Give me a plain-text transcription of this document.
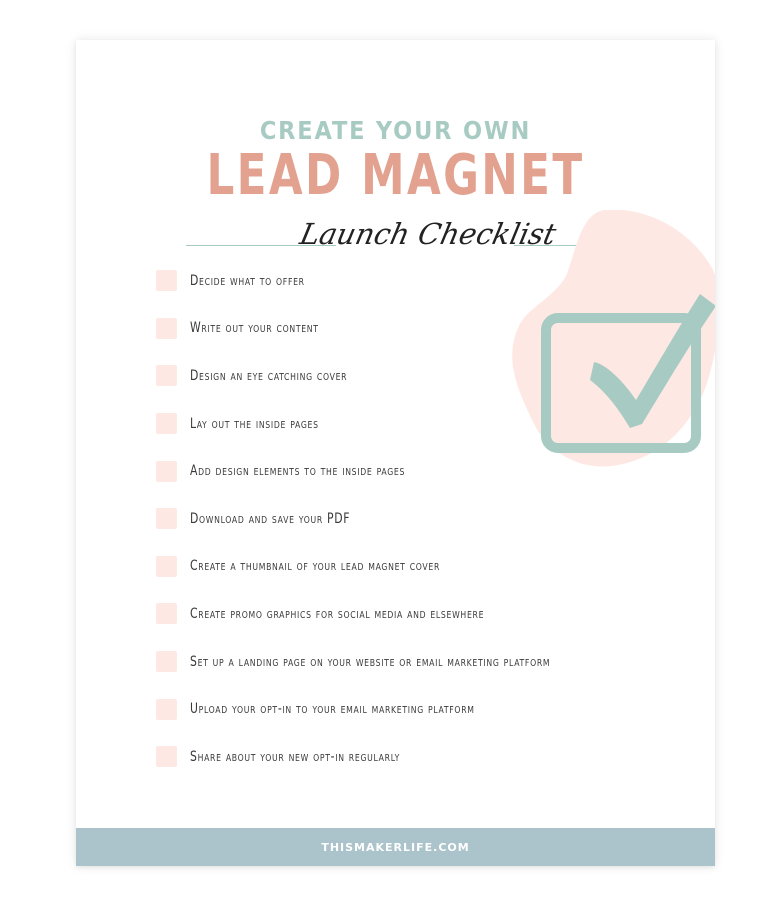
CREATE YOUR OWN
LEAD MAGNET
Launch Checklist
Decide what to offer
Write out your content
Design an eye catching cover
Lay out the inside pages
Add design elements to the inside pages
Download and save your PDF
Create a thumbnail of your lead magnet cover
Create promo graphics for social media and elsewhere
Set up a landing page on your website or email marketing platform
Upload your opt-in to your email marketing platform
Share about your new opt-in regularly
THISMAKERLIFE.COM
